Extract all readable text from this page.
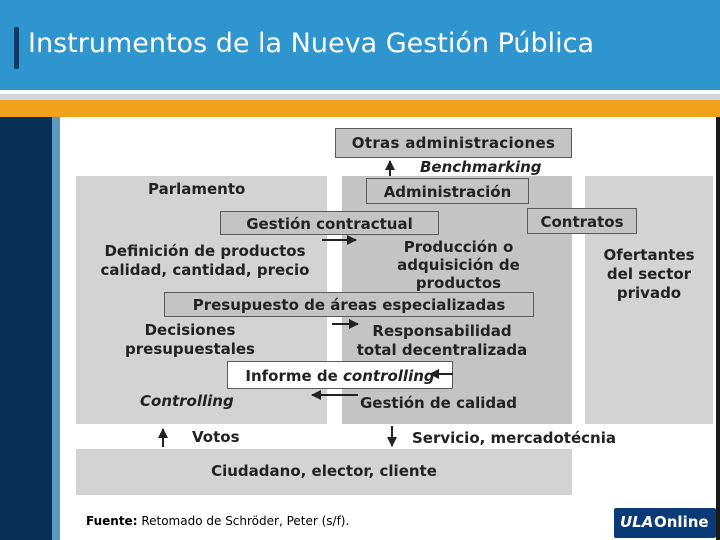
Instrumentos de la Nueva Gestión Pública
Otras administraciones
Administración
Gestión contractual	Contratos
Presupuesto de áreas especializadas
Informe de controlling
Benchmarking
Parlamento
Definición de productos
calidad, cantidad, precio
Producción o
adquisición de
productos
Ofertantes
del sector
privado
Decisiones
presupuestales
Responsabilidad
total decentralizada
Controlling	Gestión de calidad
Votos	Servicio, mercadotécnia
Ciudadano, elector, cliente
Fuente: Retomado de Schröder, Peter (s/f).	ULA Online
